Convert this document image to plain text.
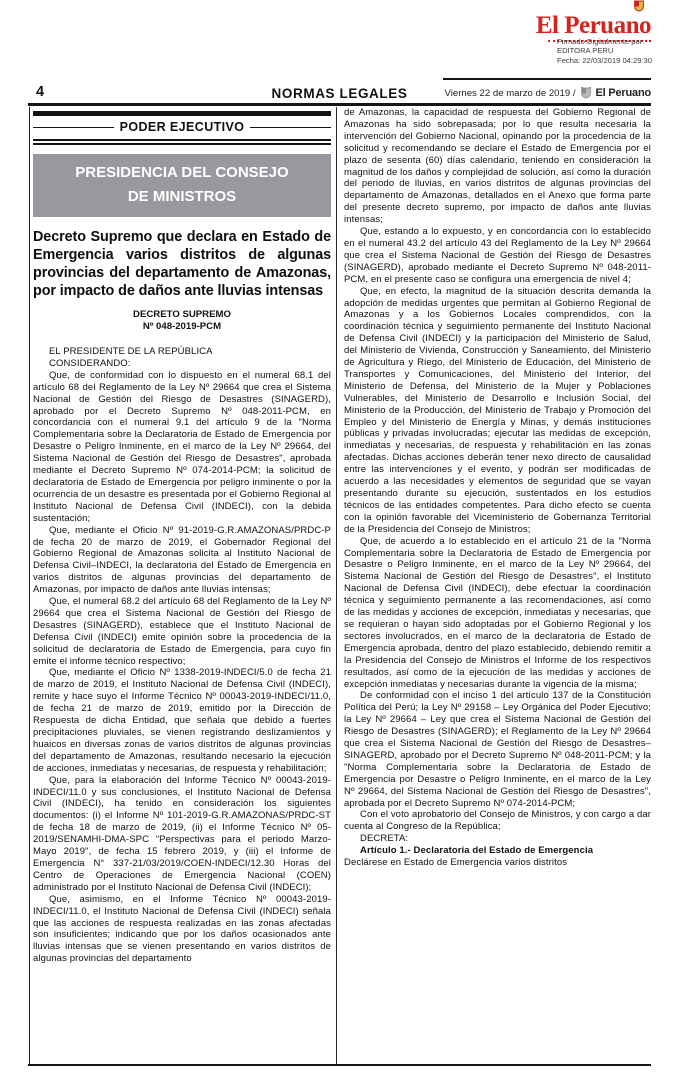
El Peruano
Firmado Digitalmente por:
EDITORA PERU
Fecha: 22/03/2019 04:29:30
4	NORMAS LEGALES	Viernes 22 de marzo de 2019 / El Peruano
PODER EJECUTIVO
PRESIDENCIA DEL CONSEJO
DE MINISTROS
Decreto Supremo que declara en Estado de Emergencia varios distritos de algunas provincias del departamento de Amazonas, por impacto de daños ante lluvias intensas
DECRETO SUPREMO
Nº 048-2019-PCM

EL PRESIDENTE DE LA REPÚBLICA

CONSIDERANDO:

Que, de conformidad con lo dispuesto en el numeral 68.1 del artículo 68 del Reglamento de la Ley Nº 29664 que crea el Sistema Nacional de Gestión del Riesgo de Desastres (SINAGERD), aprobado por el Decreto Supremo Nº 048-2011-PCM, en concordancia con el numeral 9.1 del artículo 9 de la "Norma Complementaria sobre la Declaratoria de Estado de Emergencia por Desastre o Peligro Inminente, en el marco de la Ley Nº 29664, del Sistema Nacional de Gestión del Riesgo de Desastres", aprobada mediante el Decreto Supremo Nº 074-2014-PCM; la solicitud de declaratoria de Estado de Emergencia por peligro inminente o por la ocurrencia de un desastre es presentada por el Gobierno Regional al Instituto Nacional de Defensa Civil (INDECI), con la debida sustentación;

Que, mediante el Oficio Nº 91-2019-G.R.AMAZONAS/PRDC-P de fecha 20 de marzo de 2019, el Gobernador Regional del Gobierno Regional de Amazonas solicita al Instituto Nacional de Defensa Civil–INDECI, la declaratoria del Estado de Emergencia en varios distritos de algunas provincias del departamento de Amazonas, por impacto de daños ante lluvias intensas;

Que, el numeral 68.2 del artículo 68 del Reglamento de la Ley Nº 29664 que crea el Sistema Nacional de Gestión del Riesgo de Desastres (SINAGERD), establece que el Instituto Nacional de Defensa Civil (INDECI) emite opinión sobre la procedencia de la solicitud de declaratoria de Estado de Emergencia, para cuyo fin emite el informe técnico respectivo;

Que, mediante el Oficio Nº 1338-2019-INDECI/5.0 de fecha 21 de marzo de 2019, el Instituto Nacional de Defensa Civil (INDECI), remite y hace suyo el Informe Técnico Nº 00043-2019-INDECI/11.0, de fecha 21 de marzo de 2019, emitido por la Dirección de Respuesta de dicha Entidad, que señala que debido a fuertes precipitaciones pluviales, se vienen registrando deslizamientos y huaicos en diversas zonas de varios distritos de algunas provincias del departamento de Amazonas, resultando necesario la ejecución de acciones, inmediatas y necesarias, de respuesta y rehabilitación;

Que, para la elaboración del Informe Técnico Nº 00043-2019-INDECI/11.0 y sus conclusiones, el Instituto Nacional de Defensa Civil (INDECI), ha tenido en consideración los siguientes documentos: (i) el Informe Nº 101-2019-G.R.AMAZONAS/PRDC-ST de fecha 18 de marzo de 2019, (ii) el Informe Técnico Nº 05-2019/SENAMHI-DMA-SPC "Perspectivas para el periodo Marzo-Mayo 2019", de fecha 15 febrero 2019, y (iii) el Informe de Emergencia N° 337-21/03/2019/COEN-INDECI/12.30 Horas del Centro de Operaciones de Emergencia Nacional (COEN) administrado por el Instituto Nacional de Defensa Civil (INDECI);

Que, asimismo, en el Informe Técnico Nº 00043-2019-INDECI/11.0, el Instituto Nacional de Defensa Civil (INDECI) señala que las acciones de respuesta realizadas en las zonas afectadas son insuficientes; indicando que por los daños ocasionados ante lluvias intensas que se vienen presentando en varios distritos de algunas provincias del departamento

de Amazonas, la capacidad de respuesta del Gobierno Regional de Amazonas ha sido sobrepasada; por lo que resulta necesaria la intervención del Gobierno Nacional, opinando por la procedencia de la solicitud y recomendando se declare el Estado de Emergencia por el plazo de sesenta (60) días calendario, teniendo en consideración la magnitud de los daños y complejidad de solución, así como la duración del periodo de lluvias, en varios distritos de algunas provincias del departamento de Amazonas, detallados en el Anexo que forma parte del presente decreto supremo, por impacto de daños ante lluvias intensas;

Que, estando a lo expuesto, y en concordancia con lo establecido en el numeral 43.2 del artículo 43 del Reglamento de la Ley Nº 29664 que crea el Sistema Nacional de Gestión del Riesgo de Desastres (SINAGERD), aprobado mediante el Decreto Supremo Nº 048-2011-PCM, en el presente caso se configura una emergencia de nivel 4;

Que, en efecto, la magnitud de la situación descrita demanda la adopción de medidas urgentes que permitan al Gobierno Regional de Amazonas y a los Gobiernos Locales comprendidos, con la coordinación técnica y seguimiento permanente del Instituto Nacional de Defensa Civil (INDECI) y la participación del Ministerio de Salud, del Ministerio de Vivienda, Construcción y Saneamiento, del Ministerio de Agricultura y Riego, del Ministerio de Educación, del Ministerio de Transportes y Comunicaciones, del Ministerio del Interior, del Ministerio de Defensa, del Ministerio de la Mujer y Poblaciones Vulnerables, del Ministerio de Desarrollo e Inclusión Social, del Ministerio de la Producción, del Ministerio de Trabajo y Promoción del Empleo y del Ministerio de Energía y Minas, y demás instituciones públicas y privadas involucradas; ejecutar las medidas de excepción, inmediatas y necesarias, de respuesta y rehabilitación en las zonas afectadas. Dichas acciones deberán tener nexo directo de causalidad entre las intervenciones y el evento, y podrán ser modificadas de acuerdo a las necesidades y elementos de seguridad que se vayan presentando durante su ejecución, sustentados en los estudios técnicos de las entidades competentes. Para dicho efecto se cuenta con la opinión favorable del Viceministerio de Gobernanza Territorial de la Presidencia del Consejo de Ministros;

Que, de acuerdo a lo establecido en el artículo 21 de la "Norma Complementaria sobre la Declaratoria de Estado de Emergencia por Desastre o Peligro Inminente, en el marco de la Ley Nº 29664, del Sistema Nacional de Gestión del Riesgo de Desastres", el Instituto Nacional de Defensa Civil (INDECI), debe efectuar la coordinación técnica y seguimiento permanente a las recomendaciones, así como de las medidas y acciones de excepción, inmediatas y necesarias, que se requieran o hayan sido adoptadas por el Gobierno Regional y los sectores involucrados, en el marco de la declaratoria de Estado de Emergencia aprobada, dentro del plazo establecido, debiendo remitir a la Presidencia del Consejo de Ministros el Informe de los respectivos resultados, así como de la ejecución de las medidas y acciones de excepción inmediatas y necesarias durante la vigencia de la misma;

De conformidad con el inciso 1 del artículo 137 de la Constitución Política del Perú; la Ley Nº 29158 – Ley Orgánica del Poder Ejecutivo; la Ley Nº 29664 – Ley que crea el Sistema Nacional de Gestión del Riesgo de Desastres (SINAGERD); el Reglamento de la Ley Nº 29664 que crea el Sistema Nacional de Gestión del Riesgo de Desastres–SINAGERD, aprobado por el Decreto Supremo Nº 048-2011-PCM; y la "Norma Complementaria sobre la Declaratoria de Estado de Emergencia por Desastre o Peligro Inminente, en el marco de la Ley Nº 29664, del Sistema Nacional de Gestión del Riesgo de Desastres", aprobada por el Decreto Supremo Nº 074-2014-PCM;

Con el voto aprobatorio del Consejo de Ministros, y con cargo a dar cuenta al Congreso de la República;

DECRETA:

Artículo 1.- Declaratoria del Estado de Emergencia

Declárese en Estado de Emergencia varios distritos
